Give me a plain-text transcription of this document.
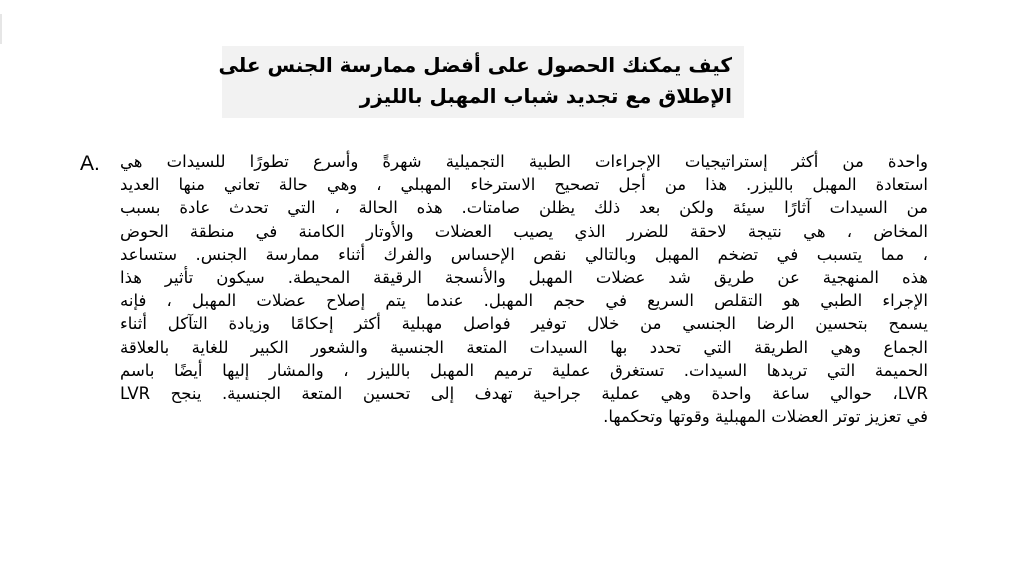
كيف يمكنك الحصول على أفضل ممارسة الجنس على
الإطلاق مع تجديد شباب المهبل بالليزر
A. واحدة من أكثر إستراتيجيات الإجراءات الطبية التجميلية شهرةً وأسرع تطورًا للسيدات هي
استعادة المهبل بالليزر. هذا من أجل تصحيح الاسترخاء المهبلي ، وهي حالة تعاني منها العديد
من السيدات آثارًا سيئة ولكن بعد ذلك يظلن صامتات. هذه الحالة ، التي تحدث عادة بسبب
المخاض ، هي نتيجة لاحقة للضرر الذي يصيب العضلات والأوتار الكامنة في منطقة الحوض
، مما يتسبب في تضخم المهبل وبالتالي نقص الإحساس والفرك أثناء ممارسة الجنس. ستساعد
هذه المنهجية عن طريق شد عضلات المهبل والأنسجة الرقيقة المحيطة. سيكون تأثير هذا
الإجراء الطبي هو التقلص السريع في حجم المهبل. عندما يتم إصلاح عضلات المهبل ، فإنه
يسمح بتحسين الرضا الجنسي من خلال توفير فواصل مهبلية أكثر إحكامًا وزيادة التآكل أثناء
الجماع وهي الطريقة التي تحدد بها السيدات المتعة الجنسية والشعور الكبير للغاية بالعلاقة
الحميمة التي تريدها السيدات. تستغرق عملية ترميم المهبل بالليزر ، والمشار إليها أيضًا باسم
LVR، حوالي ساعة واحدة وهي عملية جراحية تهدف إلى تحسين المتعة الجنسية. ينجح LVR
في تعزيز توتر العضلات المهبلية وقوتها وتحكمها.
